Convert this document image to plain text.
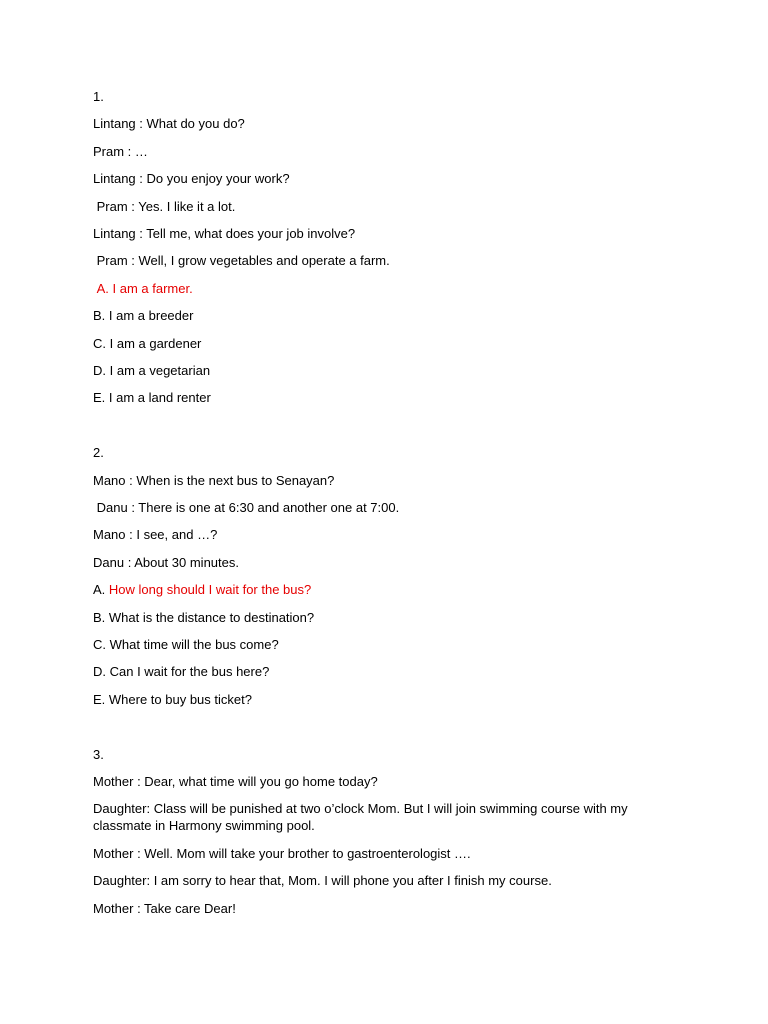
1.
Lintang : What do you do?
Pram : …
Lintang : Do you enjoy your work?
Pram : Yes. I like it a lot.
Lintang : Tell me, what does your job involve?
Pram : Well, I grow vegetables and operate a farm.
A. I am a farmer.
B. I am a breeder
C. I am a gardener
D. I am a vegetarian
E. I am a land renter
2.
Mano : When is the next bus to Senayan?
Danu : There is one at 6:30 and another one at 7:00.
Mano : I see, and …?
Danu : About 30 minutes.
A. How long should I wait for the bus?
B. What is the distance to destination?
C. What time will the bus come?
D. Can I wait for the bus here?
E. Where to buy bus ticket?
3.
Mother : Dear, what time will you go home today?
Daughter: Class will be punished at two o’clock Mom. But I will join swimming course with my classmate in Harmony swimming pool.
Mother : Well. Mom will take your brother to gastroenterologist ….
Daughter: I am sorry to hear that, Mom. I will phone you after I finish my course.
Mother : Take care Dear!
